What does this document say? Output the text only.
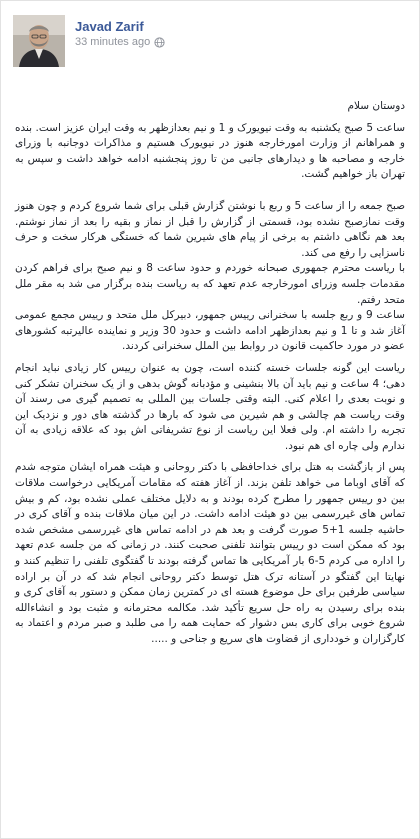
Javad Zarif
33 minutes ago

دوستان سلام

ساعت 5 صبح یکشنبه به وقت نیویورک و 1 و نیم بعدازظهر به وقت ایران عزیز است. بنده و همراهانم از وزارت امورخارجه هنوز در نیویورک هستیم و مذاکرات دوجانبه با وزرای خارجه و مصاحبه ها و دیدارهای جانبی من تا روز پنجشنبه ادامه خواهد داشت و سپس به تهران باز خواهیم گشت.

صبح جمعه را از ساعت 5 و ربع با نوشتن گزارش قبلی برای شما شروع کردم و چون هنوز وقت نمازصبح نشده بود، قسمتی از گزارش را قبل از نماز و بقیه را بعد از نماز نوشتم. بعد هم نگاهی داشتم به برخی از پیام های شیرین شما که خستگی هرکار سخت و حرف ناسزایی را رفع می کند.

با ریاست محترم جمهوری صبحانه خوردم و حدود ساعت 8 و نیم صبح برای فراهم کردن مقدمات جلسه وزرای امورخارجه عدم تعهد که به ریاست بنده برگزار می شد به مقر ملل متحد رفتم.

ساعت 9 و ربع جلسه با سخنرانی رییس جمهور، دبیرکل ملل متحد و رییس مجمع عمومی آغاز شد و تا 1 و نیم بعدازظهر ادامه داشت و حدود 30 وزیر و نماینده عالیرتبه کشورهای عضو در مورد حاکمیت قانون در روابط بین الملل سخنرانی کردند.

ریاست این گونه جلسات خسته کننده است، چون به عنوان رییس کار زیادی نباید انجام دهی؛ 4 ساعت و نیم باید آن بالا بنشینی و مؤدبانه گوش بدهی و از یک سخنران تشکر کنی و نوبت بعدی را اعلام کنی. البته وقتی جلسات بین المللی به تصمیم گیری می رسند آن وقت ریاست هم چالشی و هم شیرین می شود که بارها در گذشته های دور و نزدیک این تجربه را داشته ام. ولی فعلا این ریاست از نوع تشریفاتی اش بود که علاقه زیادی به آن ندارم ولی چاره ای هم نبود.

پس از بازگشت به هتل برای خداحافظی با دکتر روحانی و هیئت همراه ایشان متوجه شدم که آقای اوباما می خواهد تلفن بزند. از آغاز هفته که مقامات آمریکایی درخواست ملاقات بین دو رییس جمهور را مطرح کرده بودند و به دلایل مختلف عملی نشده بود، کم و بیش تماس های غیررسمی بین دو هیئت ادامه داشت. در این میان ملاقات بنده و آقای کری در حاشیه جلسه 1+5 صورت گرفت و بعد هم در ادامه تماس های غیررسمی مشخص شده بود که ممکن است دو رییس بتوانند تلفنی صحبت کنند. در زمانی که من جلسه عدم تعهد را اداره می کردم 5-6 بار آمریکایی ها تماس گرفته بودند تا گفتگوی تلفنی را تنظیم کنند و نهایتا این گفتگو در آستانه ترک هتل توسط دکتر روحانی انجام شد که در آن بر اراده سیاسی طرفین برای حل موضوع هسته ای در کمترین زمان ممکن و دستور به آقای کری و بنده برای رسیدن به راه حل سریع تأکید شد. مکالمه محترمانه و مثبت بود و انشاءالله شروع خوبی برای کاری بس دشوار که حمایت همه را می طلبد و صبر مردم و اعتماد به کارگزاران و خودداری از قضاوت های سریع و جناحی و .....
